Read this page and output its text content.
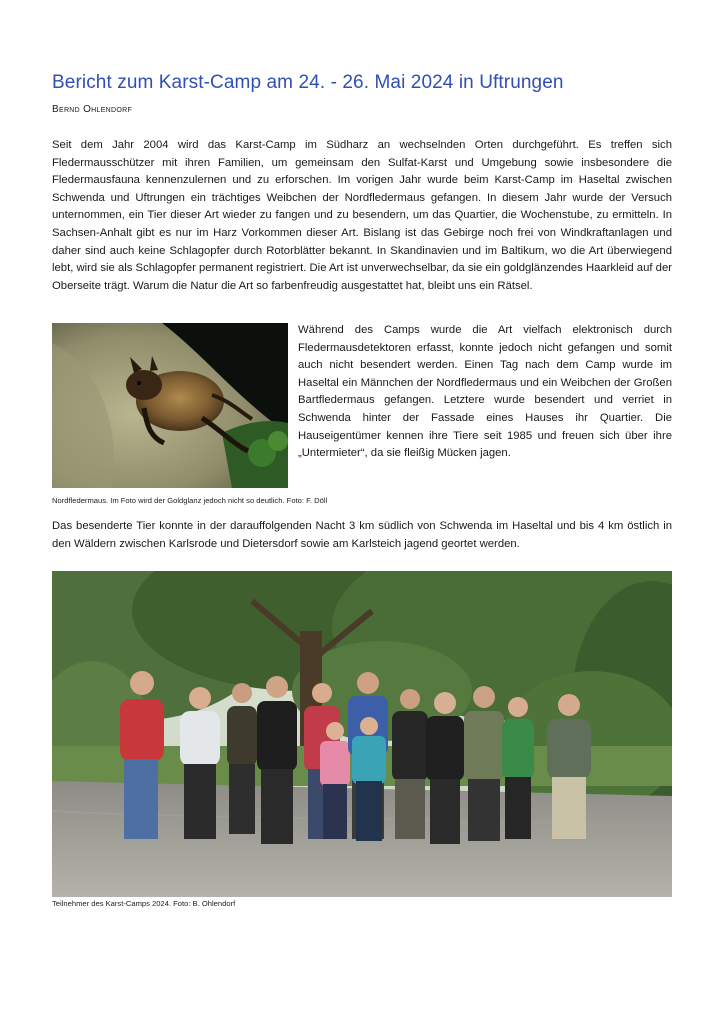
Bericht zum Karst-Camp am 24. - 26. Mai 2024 in Uftrungen
Bernd Ohlendorf

Seit dem Jahr 2004 wird das Karst-Camp im Südharz an wechselnden Orten durchgeführt. Es treffen sich Fledermausschützer mit ihren Familien, um gemeinsam den Sulfat-Karst und Umgebung sowie insbesondere die Fledermausfauna kennenzulernen und zu erforschen. Im vorigen Jahr wurde beim Karst-Camp im Haseltal zwischen Schwenda und Uftrungen ein trächtiges Weibchen der Nordfledermaus gefangen. In diesem Jahr wurde der Versuch unternommen, ein Tier dieser Art wieder zu fangen und zu besendern, um das Quartier, die Wochenstube, zu ermitteln. In Sachsen-Anhalt gibt es nur im Harz Vorkommen dieser Art. Bislang ist das Gebirge noch frei von Windkraftanlagen und daher sind auch keine Schlagopfer durch Rotorblätter bekannt. In Skandinavien und im Baltikum, wo die Art überwiegend lebt, wird sie als Schlagopfer permanent registriert. Die Art ist unverwechselbar, da sie ein goldglänzendes Haarkleid auf der Oberseite trägt. Warum die Natur die Art so farbenfreudig ausgestattet hat, bleibt uns ein Rätsel.

Während des Camps wurde die Art vielfach elektronisch durch Fledermausdetektoren erfasst, konnte jedoch nicht gefangen und somit auch nicht besendert werden. Einen Tag nach dem Camp wurde im Haseltal ein Männchen der Nordfledermaus und ein Weibchen der Großen Bartfledermaus gefangen. Letztere wurde besendert und verriet in Schwenda hinter der Fassade eines Hauses ihr Quartier. Die Hauseigentümer kennen ihre Tiere seit 1985 und freuen sich über ihre „Untermieter“, da sie fleißig Mücken jagen.

Nordfledermaus. Im Foto wird der Goldglanz jedoch nicht so deutlich. Foto: F. Döll

Das besenderte Tier konnte in der darauffolgenden Nacht 3 km südlich von Schwenda im Haseltal und bis 4 km östlich in den Wäldern zwischen Karlsrode und Dietersdorf sowie am Karlsteich jagend geortet werden.

Teilnehmer des Karst-Camps 2024. Foto: B. Ohlendorf
